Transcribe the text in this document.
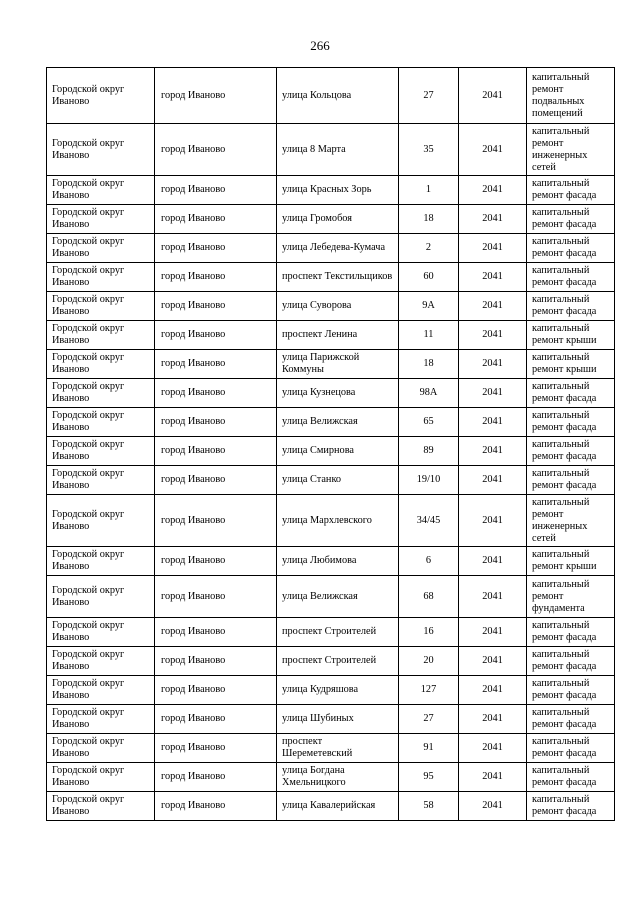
266
Городской округ Иваново	город Иваново	улица Кольцова	27	2041	капитальный ремонт подвальных помещений
Городской округ Иваново	город Иваново	улица 8 Марта	35	2041	капитальный ремонт инженерных сетей
Городской округ Иваново	город Иваново	улица Красных Зорь	1	2041	капитальный ремонт фасада
Городской округ Иваново	город Иваново	улица Громобоя	18	2041	капитальный ремонт фасада
Городской округ Иваново	город Иваново	улица Лебедева-Кумача	2	2041	капитальный ремонт фасада
Городской округ Иваново	город Иваново	проспект Текстильщиков	60	2041	капитальный ремонт фасада
Городской округ Иваново	город Иваново	улица Суворова	9А	2041	капитальный ремонт фасада
Городской округ Иваново	город Иваново	проспект Ленина	11	2041	капитальный ремонт крыши
Городской округ Иваново	город Иваново	улица Парижской Коммуны	18	2041	капитальный ремонт крыши
Городской округ Иваново	город Иваново	улица Кузнецова	98А	2041	капитальный ремонт фасада
Городской округ Иваново	город Иваново	улица Велижская	65	2041	капитальный ремонт фасада
Городской округ Иваново	город Иваново	улица Смирнова	89	2041	капитальный ремонт фасада
Городской округ Иваново	город Иваново	улица Станко	19/10	2041	капитальный ремонт фасада
Городской округ Иваново	город Иваново	улица Мархлевского	34/45	2041	капитальный ремонт инженерных сетей
Городской округ Иваново	город Иваново	улица Любимова	6	2041	капитальный ремонт крыши
Городской округ Иваново	город Иваново	улица Велижская	68	2041	капитальный ремонт фундамента
Городской округ Иваново	город Иваново	проспект Строителей	16	2041	капитальный ремонт фасада
Городской округ Иваново	город Иваново	проспект Строителей	20	2041	капитальный ремонт фасада
Городской округ Иваново	город Иваново	улица Кудряшова	127	2041	капитальный ремонт фасада
Городской округ Иваново	город Иваново	улица Шубиных	27	2041	капитальный ремонт фасада
Городской округ Иваново	город Иваново	проспект Шереметевский	91	2041	капитальный ремонт фасада
Городской округ Иваново	город Иваново	улица Богдана Хмельницкого	95	2041	капитальный ремонт фасада
Городской округ Иваново	город Иваново	улица Кавалерийская	58	2041	капитальный ремонт фасада
